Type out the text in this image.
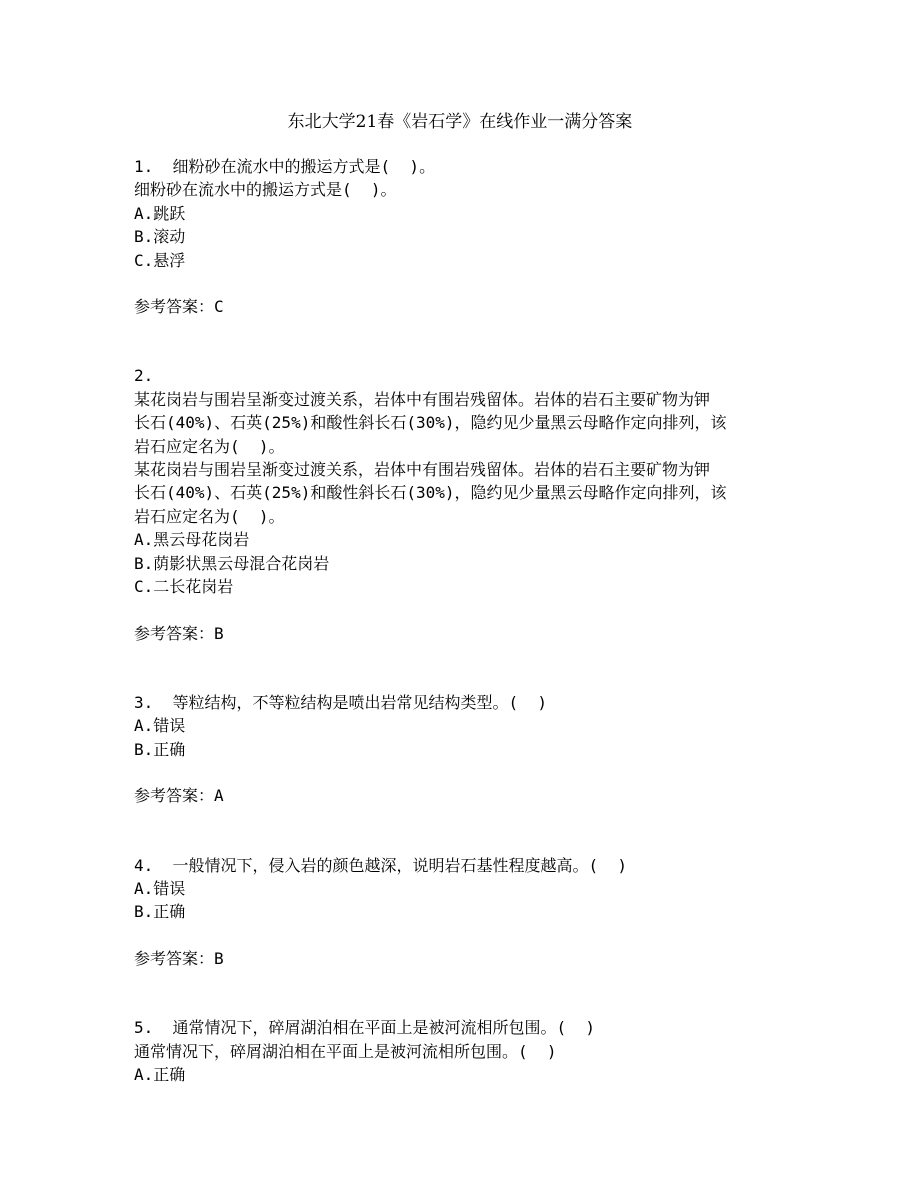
东北大学21春《岩石学》在线作业一满分答案
1. 细粉砂在流水中的搬运方式是(  )。
细粉砂在流水中的搬运方式是(  )。
A.跳跃
B.滚动
C.悬浮
参考答案：C
2.
某花岗岩与围岩呈渐变过渡关系，岩体中有围岩残留体。岩体的岩石主要矿物为钾
长石(40%)、石英(25%)和酸性斜长石(30%)，隐约见少量黑云母略作定向排列，该
岩石应定名为(  )。
某花岗岩与围岩呈渐变过渡关系，岩体中有围岩残留体。岩体的岩石主要矿物为钾
长石(40%)、石英(25%)和酸性斜长石(30%)，隐约见少量黑云母略作定向排列，该
岩石应定名为(  )。
A.黑云母花岗岩
B.荫影状黑云母混合花岗岩
C.二长花岗岩
参考答案：B
3. 等粒结构，不等粒结构是喷出岩常见结构类型。(  )
A.错误
B.正确
参考答案：A
4. 一般情况下，侵入岩的颜色越深，说明岩石基性程度越高。(  )
A.错误
B.正确
参考答案：B
5. 通常情况下，碎屑湖泊相在平面上是被河流相所包围。(  )
通常情况下，碎屑湖泊相在平面上是被河流相所包围。(  )
A.正确
